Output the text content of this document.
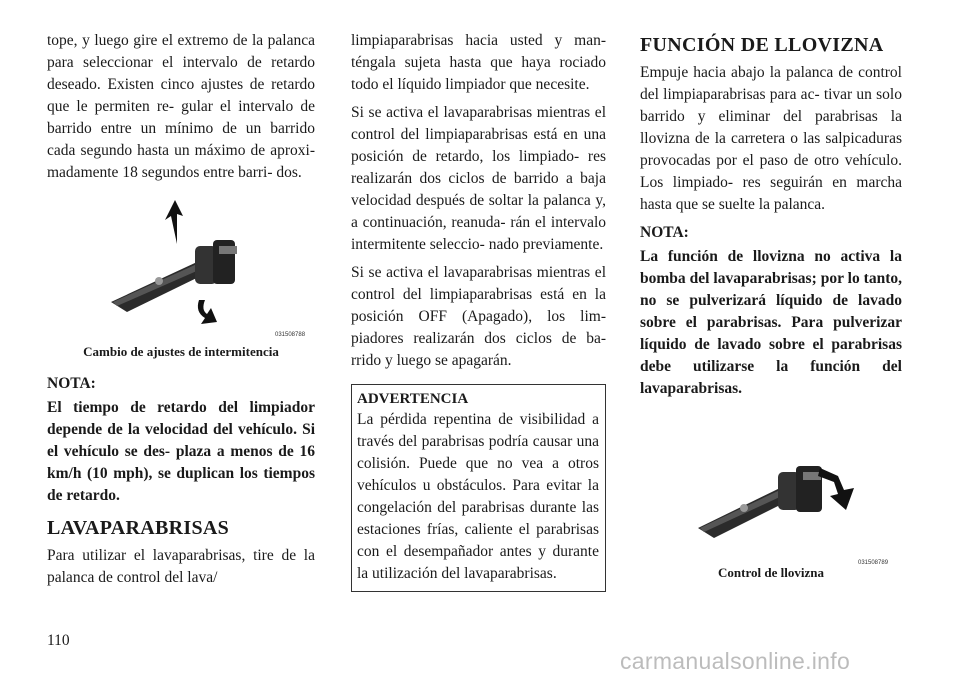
tope, y luego gire el extremo de la palanca para seleccionar el intervalo de retardo deseado. Existen cinco ajustes de retardo que le permiten re- gular el intervalo de barrido entre un mínimo de un barrido cada segundo hasta un máximo de aproxi- madamente 18 segundos entre barri- dos.

031508788
Cambio de ajustes de intermitencia

NOTA:

El tiempo de retardo del limpiador depende de la velocidad del vehículo. Si el vehículo se des- plaza a menos de 16 km/h (10 mph), se duplican los tiempos de retardo.

LAVAPARABRISAS

Para utilizar el lavaparabrisas, tire de la palanca de control del lava/

limpiaparabrisas hacia usted y man- téngala sujeta hasta que haya rociado todo el líquido limpiador que necesite.

Si se activa el lavaparabrisas mientras el control del limpiaparabrisas está en una posición de retardo, los limpiado- res realizarán dos ciclos de barrido a baja velocidad después de soltar la palanca y, a continuación, reanuda- rán el intervalo intermitente seleccio- nado previamente.

Si se activa el lavaparabrisas mientras el control del limpiaparabrisas está en la posición OFF (Apagado), los lim- piadores realizarán dos ciclos de ba- rrido y luego se apagarán.

ADVERTENCIA

La pérdida repentina de visibilidad a través del parabrisas podría causar una colisión. Puede que no vea a otros vehículos u obstáculos. Para evitar la congelación del parabrisas durante las estaciones frías, caliente el parabrisas con el desempañador antes y durante la utilización del lavaparabrisas.

FUNCIÓN DE LLOVIZNA

Empuje hacia abajo la palanca de control del limpiaparabrisas para ac- tivar un solo barrido y eliminar del parabrisas la llovizna de la carretera o las salpicaduras provocadas por el paso de otro vehículo. Los limpiado- res seguirán en marcha hasta que se suelte la palanca.

NOTA:

La función de llovizna no activa la bomba del lavaparabrisas; por lo tanto, no se pulverizará líquido de lavado sobre el parabrisas. Para pulverizar líquido de lavado sobre el parabrisas debe utilizarse la función del lavaparabrisas.

031508789
Control de llovizna
110
carmanualsonline.info
